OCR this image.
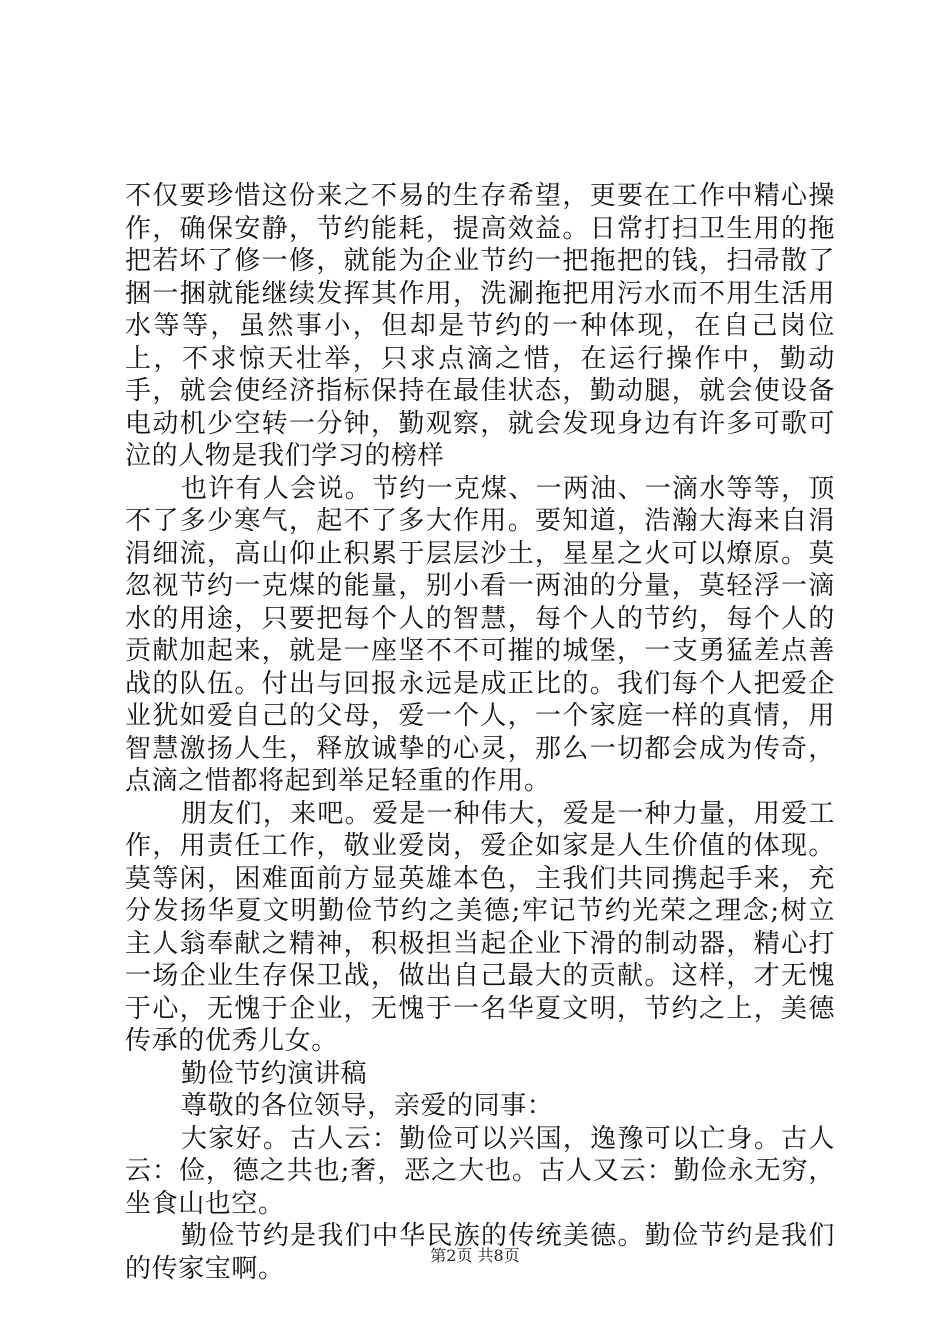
不仅要珍惜这份来之不易的生存希望，更要在工作中精心操作，确保安静，节约能耗，提高效益。日常打扫卫生用的拖把若坏了修一修，就能为企业节约一把拖把的钱，扫帚散了捆一捆就能继续发挥其作用，洗涮拖把用污水而不用生活用水等等，虽然事小，但却是节约的一种体现，在自己岗位上，不求惊天壮举，只求点滴之惜，在运行操作中，勤动手，就会使经济指标保持在最佳状态，勤动腿，就会使设备电动机少空转一分钟，勤观察，就会发现身边有许多可歌可泣的人物是我们学习的榜样

也许有人会说。节约一克煤、一两油、一滴水等等，顶不了多少寒气，起不了多大作用。要知道，浩瀚大海来自涓涓细流，高山仰止积累于层层沙土，星星之火可以燎原。莫忽视节约一克煤的能量，别小看一两油的分量，莫轻浮一滴水的用途，只要把每个人的智慧，每个人的节约，每个人的贡献加起来，就是一座坚不不可摧的城堡，一支勇猛差点善战的队伍。付出与回报永远是成正比的。我们每个人把爱企业犹如爱自己的父母，爱一个人，一个家庭一样的真情，用智慧激扬人生，释放诚挚的心灵，那么一切都会成为传奇，点滴之惜都将起到举足轻重的作用。

朋友们，来吧。爱是一种伟大，爱是一种力量，用爱工作，用责任工作，敬业爱岗，爱企如家是人生价值的体现。莫等闲，困难面前方显英雄本色，主我们共同携起手来，充分发扬华夏文明勤俭节约之美德;牢记节约光荣之理念;树立主人翁奉献之精神，积极担当起企业下滑的制动器，精心打一场企业生存保卫战，做出自己最大的贡献。这样，才无愧于心，无愧于企业，无愧于一名华夏文明，节约之上，美德传承的优秀儿女。

勤俭节约演讲稿

尊敬的各位领导，亲爱的同事：

大家好。古人云：勤俭可以兴国，逸豫可以亡身。古人云：俭，德之共也;奢，恶之大也。古人又云：勤俭永无穷，坐食山也空。

勤俭节约是我们中华民族的传统美德。勤俭节约是我们的传家宝啊。	第2页 共8页
